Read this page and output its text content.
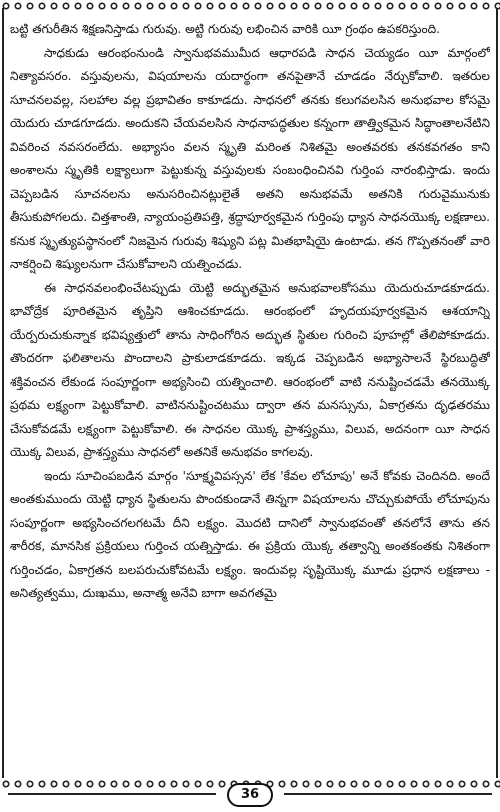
బట్టి తగురీతిన శిక్షణనిస్తాడు గురువు. అట్టి గురువు లభించిన వారికి యీ గ్రంథం ఉపకరిస్తుంది.

సాధకుడు ఆరంభంనుండి స్వానుభవముమీద ఆధారపడి సాధన చెయ్యడం యీ మార్గంలో నిత్యావసరం. వస్తువులను, విషయాలను యదార్థంగా తనపైతానే చూడడం నేర్చుకోవాలి. ఇతరుల సూచనలవల్ల, సలహాల వల్ల ప్రభావితం కాకూడదు. సాధనలో తనకు కలుగవలసిన అనుభవాల కోసమై యెదురు చూడగూడదు. అందుకని చేయవలసిన సాధనాపద్ధతుల కన్నంగా తాత్త్వికమైన సిద్ధాంతాలనేటిని వివరించ నవసరంలేదు. అభ్యాసం వలన స్మృతి మరింత నిశితమై అంతవరకు తనకవగతం కాని అంశాలను స్మృతికి లక్ష్యాలుగా పెట్టుకున్న వస్తువులకు సంబంధించినవి గుర్తింప నారంభిస్తాడు. ఇందు చెప్పబడిన సూచనలను అనుసరించినట్లులైతే అతని అనుభవమే అతనికి గురువైమునుకు తీసుకుపోగలదు. చిత్తశాంతి, న్యాయంప్రతిపత్తి, శ్రద్ధాపూర్వకమైన గుర్తింపు ధ్యాన సాధనయొక్క లక్షణాలు. కనుక స్మృత్యుపస్థానంలో నిజమైన గురువు శిష్యుని పట్ల మితభాషియై ఉంటాడు. తన గొప్పతనంతో వారి నాకర్షించి శిష్యులనుగా చేసుకోవాలని యత్నించడు.

ఈ సాధనవలంభించేటప్పుడు యెట్టి అద్భుతమైన అనుభవాలకోసము యెదురుచూడకూడదు. భావోద్రేక పూరితమైన తృప్తిని ఆశించకూడదు. ఆరంభంలో హృదయపూర్వకమైన ఆశయాన్ని యేర్పరుచుకున్నాక భవిష్యత్తులో తాను సాధింగోరిన అద్భుత స్థితుల గురించి పూహల్లో తేలిపోకూడదు. తొందరగా ఫలితాలను పొందాలని ప్రాకులాడకూడదు. ఇక్కడ చెప్పబడిన అభ్యాసాలనే స్థిరబుద్ధితో శక్తివంచన లేకుండ సంపూర్ణంగా అభ్యసించి యత్నించాలి. ఆరంభంలో వాటి ననుష్టించడమే తనయొక్క ప్రథమ లక్ష్యంగా పెట్టుకోవాలి. వాటిననుష్టించటము ద్వారా తన మనస్సును, ఏకాగ్రతను దృఢతరము చేసుకోవడమే లక్ష్యంగా పెట్టుకోవాలి. ఈ సాధనల యొక్క ప్రాశస్త్యము, విలువ, అదనంగా యీ సాధన యొక్క విలువ, ప్రాశస్త్యము సాధనలో అతనికే అనుభవం కాగలవు.

ఇందు సూచింపబడిన మార్గం 'సూక్ష్మవిపస్సన' లేక 'కేవల లోచూపు' అనే కోవకు చెందినది. అందే అంతకుముందు యెట్టి ధ్యాన స్థితులను పొందకుండానే తిన్నగా విషయాలను చొచ్చుకుపోయే లోచూపును సంపూర్ణంగా అభ్యసించగలగటమే దీని లక్ష్యం. మొదటి దానిలో స్వానుభవంతో తనలోనే తాను తన శారీరక, మానసిక ప్రక్రియలు గుర్తించ యత్నిస్తాడు. ఈ ప్రక్రియ యొక్క తత్వాన్ని అంతకంతకు నిశితంగా గుర్తించడం, ఏకాగ్రతన బలపరుచుకోవటమే లక్ష్యం. ఇందువల్ల సృష్టియొక్క మూడు ప్రధాన లక్షణాలు - అనిత్యత్వము, దుఃఖము, అనాత్మ అనేవి బాగా అవగతమై

36
